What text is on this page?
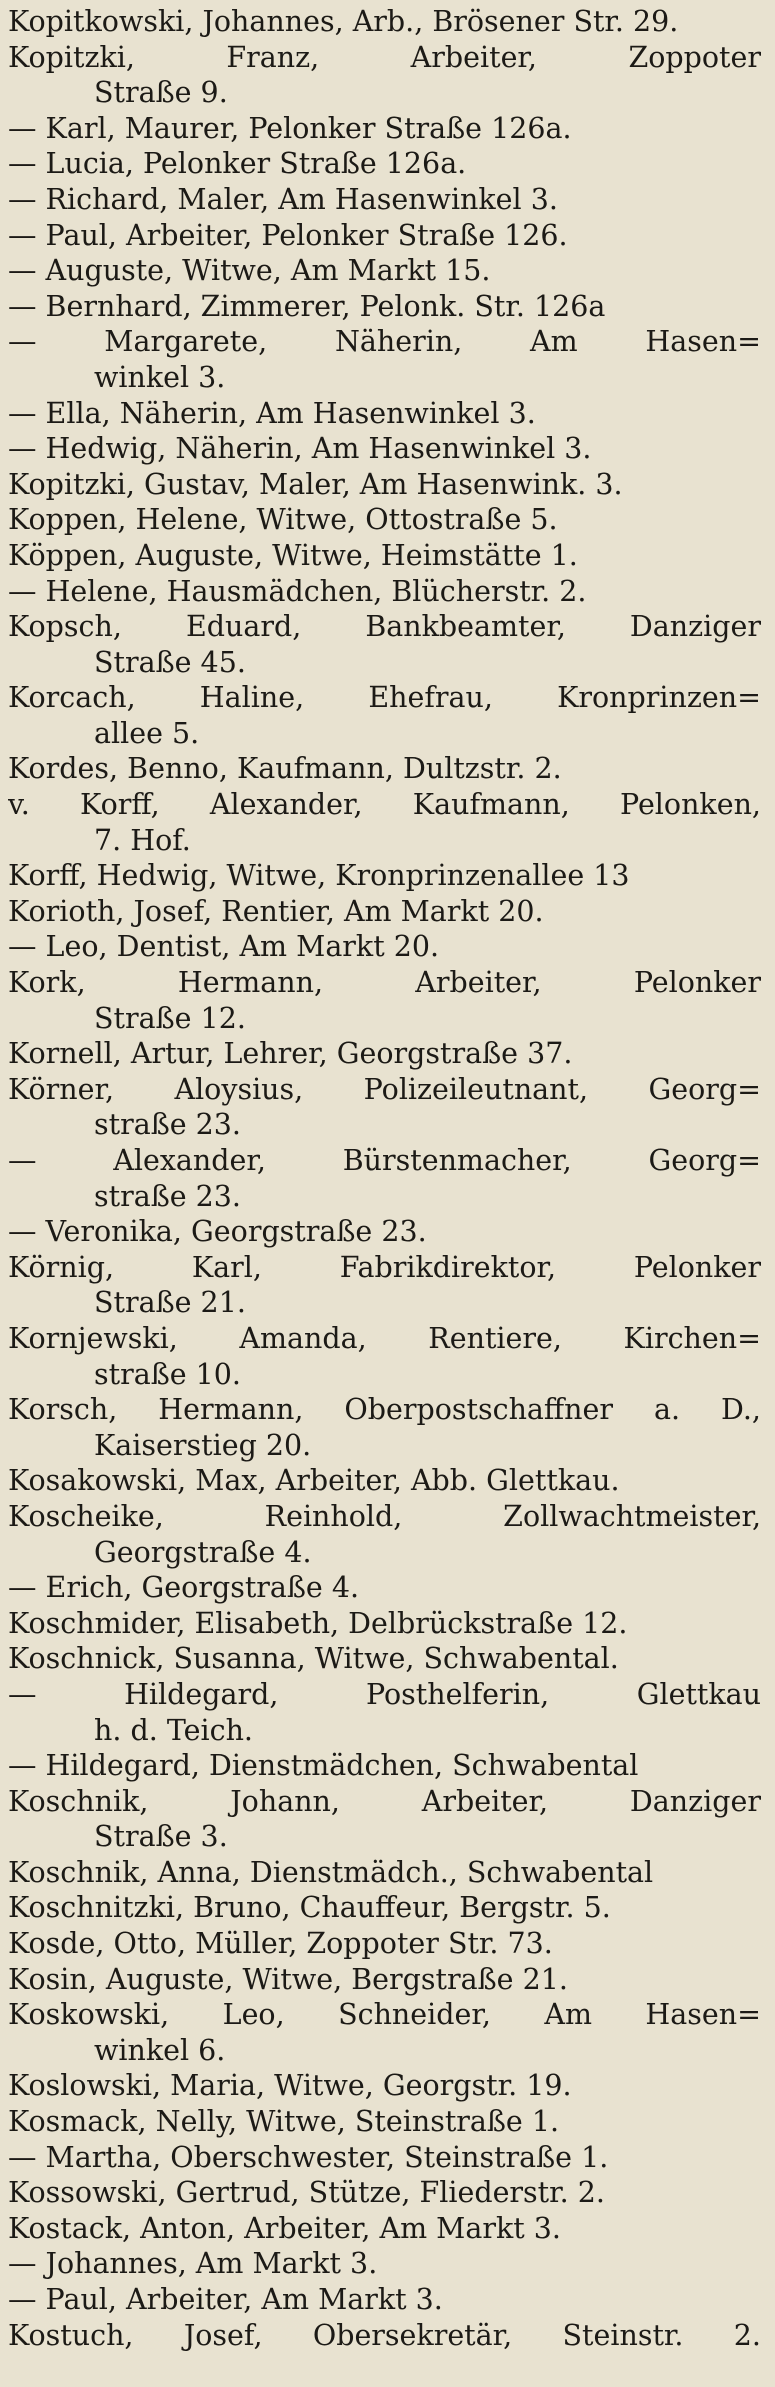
Kopitkowski, Johannes, Arb., Brösener Str. 29.
Kopitzki, Franz, Arbeiter, Zoppoter
Straße 9.
— Karl, Maurer, Pelonker Straße 126a.
— Lucia, Pelonker Straße 126a.
— Richard, Maler, Am Hasenwinkel 3.
— Paul, Arbeiter, Pelonker Straße 126.
— Auguste, Witwe, Am Markt 15.
— Bernhard, Zimmerer, Pelonk. Str. 126a
— Margarete, Näherin, Am Hasen=
winkel 3.
— Ella, Näherin, Am Hasenwinkel 3.
— Hedwig, Näherin, Am Hasenwinkel 3.
Kopitzki, Gustav, Maler, Am Hasenwink. 3.
Koppen, Helene, Witwe, Ottostraße 5.
Köppen, Auguste, Witwe, Heimstätte 1.
— Helene, Hausmädchen, Blücherstr. 2.
Kopsch, Eduard, Bankbeamter, Danziger
Straße 45.
Korcach, Haline, Ehefrau, Kronprinzen=
allee 5.
Kordes, Benno, Kaufmann, Dultzstr. 2.
v. Korff, Alexander, Kaufmann, Pelonken,
7. Hof.
Korff, Hedwig, Witwe, Kronprinzenallee 13
Korioth, Josef, Rentier, Am Markt 20.
— Leo, Dentist, Am Markt 20.
Kork, Hermann, Arbeiter, Pelonker
Straße 12.
Kornell, Artur, Lehrer, Georgstraße 37.
Körner, Aloysius, Polizeileutnant, Georg=
straße 23.
— Alexander, Bürstenmacher, Georg=
straße 23.
— Veronika, Georgstraße 23.
Körnig, Karl, Fabrikdirektor, Pelonker
Straße 21.
Kornjewski, Amanda, Rentiere, Kirchen=
straße 10.
Korsch, Hermann, Oberpostschaffner a. D.,
Kaiserstieg 20.
Kosakowski, Max, Arbeiter, Abb. Glettkau.
Koscheike, Reinhold, Zollwachtmeister,
Georgstraße 4.
— Erich, Georgstraße 4.
Koschmider, Elisabeth, Delbrückstraße 12.
Koschnick, Susanna, Witwe, Schwabental.
— Hildegard, Posthelferin, Glettkau
h. d. Teich.
— Hildegard, Dienstmädchen, Schwabental
Koschnik, Johann, Arbeiter, Danziger
Straße 3.
Koschnik, Anna, Dienstmädch., Schwabental
Koschnitzki, Bruno, Chauffeur, Bergstr. 5.
Kosde, Otto, Müller, Zoppoter Str. 73.
Kosin, Auguste, Witwe, Bergstraße 21.
Koskowski, Leo, Schneider, Am Hasen=
winkel 6.
Koslowski, Maria, Witwe, Georgstr. 19.
Kosmack, Nelly, Witwe, Steinstraße 1.
— Martha, Oberschwester, Steinstraße 1.
Kossowski, Gertrud, Stütze, Fliederstr. 2.
Kostack, Anton, Arbeiter, Am Markt 3.
— Johannes, Am Markt 3.
— Paul, Arbeiter, Am Markt 3.
Kostuch, Josef, Obersekretär, Steinstr. 2.
